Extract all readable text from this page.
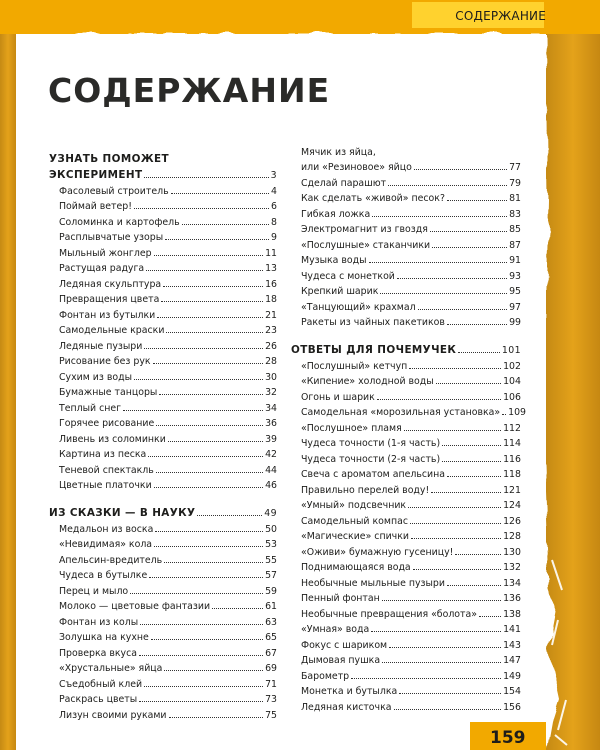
СОДЕРЖАНИЕ
СОДЕРЖАНИЕ
УЗНАТЬ ПОМОЖЕТ
ЭКСПЕРИМЕНТ	3
Фасолевый строитель	4
Поймай ветер!	6
Соломинка и картофель	8
Расплывчатые узоры	9
Мыльный жонглер	11
Растущая радуга	13
Ледяная скульптура	16
Превращения цвета	18
Фонтан из бутылки	21
Самодельные краски	23
Ледяные пузыри	26
Рисование без рук	28
Сухим из воды	30
Бумажные танцоры	32
Теплый снег	34
Горячее рисование	36
Ливень из соломинки	39
Картина из песка	42
Теневой спектакль	44
Цветные платочки	46
ИЗ СКАЗКИ — В НАУКУ	49
Медальон из воска	50
«Невидимая» кола	53
Апельсин-вредитель	55
Чудеса в бутылке	57
Перец и мыло	59
Молоко — цветовые фантазии	61
Фонтан из колы	63
Золушка на кухне	65
Проверка вкуса	67
«Хрустальные» яйца	69
Съедобный клей	71
Раскрась цветы	73
Лизун своими руками	75
Мячик из яйца,
или «Резиновое» яйцо	77
Сделай парашют	79
Как сделать «живой» песок?	81
Гибкая ложка	83
Электромагнит из гвоздя	85
«Послушные» стаканчики	87
Музыка воды	91
Чудеса с монеткой	93
Крепкий шарик	95
«Танцующий» крахмал	97
Ракеты из чайных пакетиков	99
ОТВЕТЫ ДЛЯ ПОЧЕМУЧЕК	101
«Послушный» кетчуп	102
«Кипение» холодной воды	104
Огонь и шарик	106
Самодельная «морозильная установка» 109
«Послушное» пламя	112
Чудеса точности (1-я часть)	114
Чудеса точности (2-я часть)	116
Свеча с ароматом апельсина	118
Правильно перелей воду!	121
«Умный» подсвечник	124
Самодельный компас	126
«Магические» спички	128
«Оживи» бумажную гусеницу!	130
Поднимающаяся вода	132
Необычные мыльные пузыри	134
Пенный фонтан	136
Необычные превращения «болота»	138
«Умная» вода	141
Фокус с шариком	143
Дымовая пушка	147
Барометр	149
Монетка и бутылка	154
Ледяная кисточка	156
159
